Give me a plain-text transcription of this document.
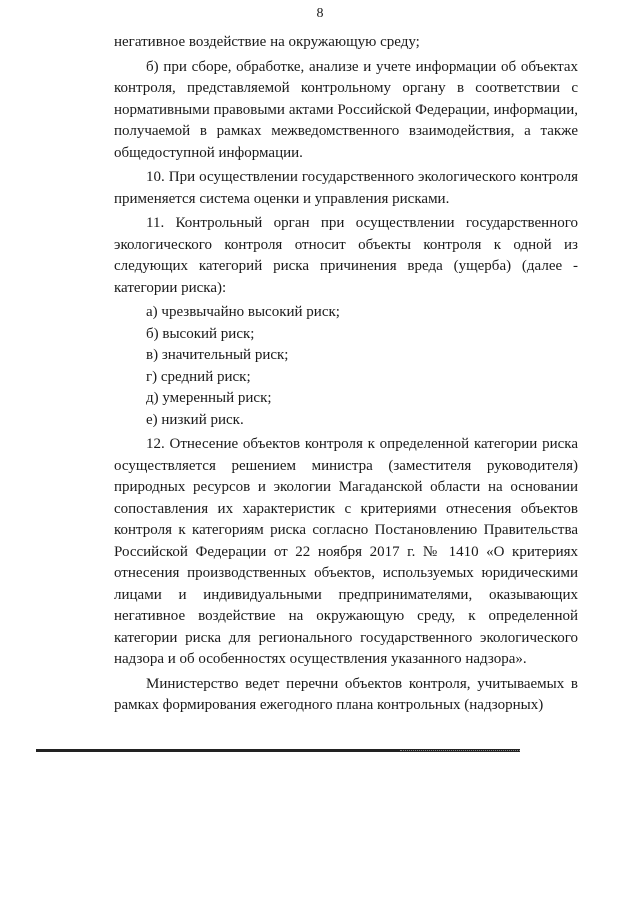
8

негативное воздействие на окружающую среду;

б) при сборе, обработке, анализе и учете информации об объектах контроля, представляемой контрольному органу в соответствии с нормативными правовыми актами Российской Федерации, информации, получаемой в рамках межведомственного взаимодействия, а также общедоступной информации.

10. При осуществлении государственного экологического контроля применяется система оценки и управления рисками.

11. Контрольный орган при осуществлении государственного экологического контроля относит объекты контроля к одной из следующих категорий риска причинения вреда (ущерба) (далее - категории риска):

а) чрезвычайно высокий риск;

б) высокий риск;

в) значительный риск;

г) средний риск;

д) умеренный риск;

е) низкий риск.

12. Отнесение объектов контроля к определенной категории риска осуществляется решением министра (заместителя руководителя) природных ресурсов и экологии Магаданской области на основании сопоставления их характеристик с критериями отнесения объектов контроля к категориям риска согласно Постановлению Правительства Российской Федерации от 22 ноября 2017 г. № 1410 «О критериях отнесения производственных объектов, используемых юридическими лицами и индивидуальными предпринимателями, оказывающих негативное воздействие на окружающую среду, к определенной категории риска для регионального государственного экологического надзора и об особенностях осуществления указанного надзора».

Министерство ведет перечни объектов контроля, учитываемых в рамках формирования ежегодного плана контрольных (надзорных)
